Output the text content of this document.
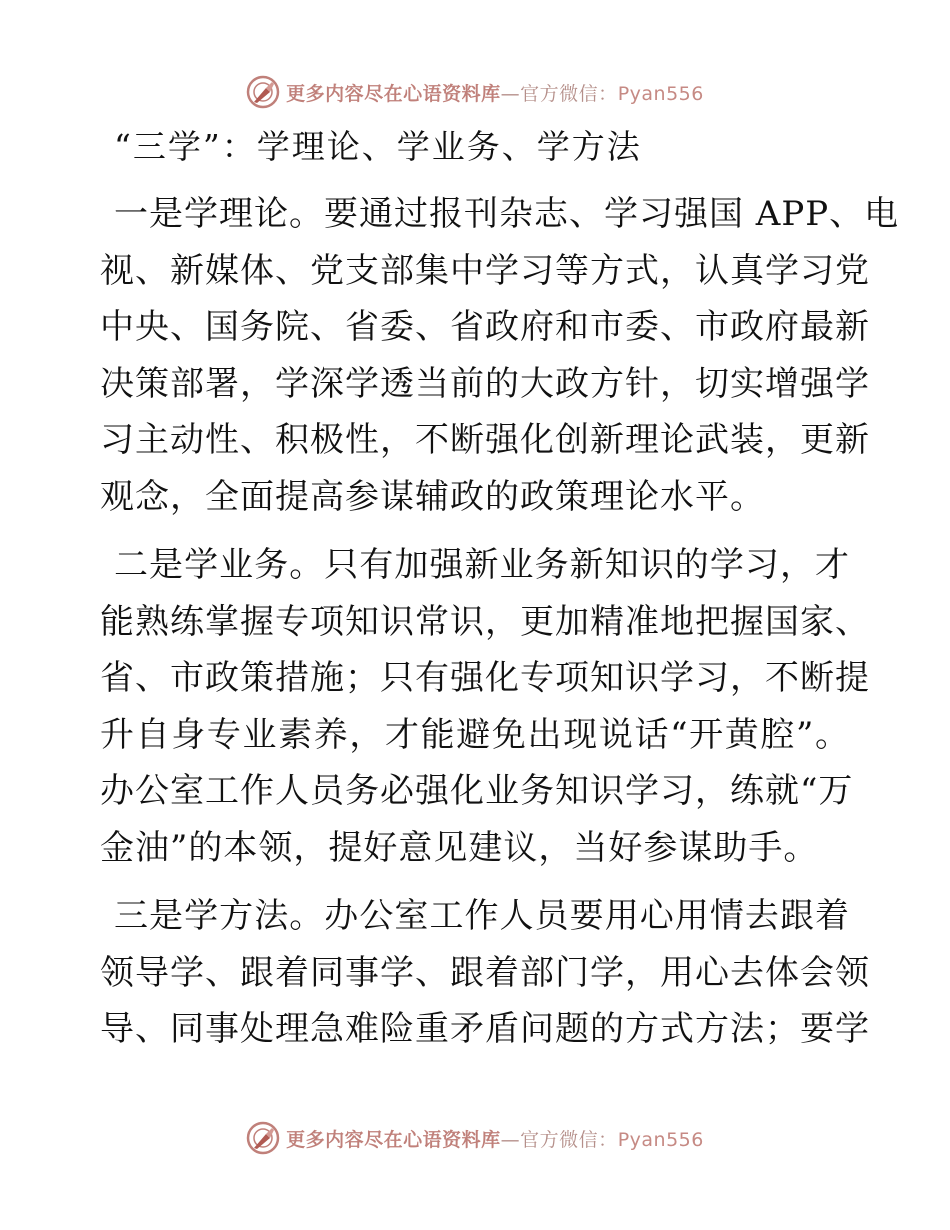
更多内容尽在心语资料库—官方微信：Pyan556
“三学”：学理论、学业务、学方法
一是学理论。要通过报刊杂志、学习强国 APP、电
视、新媒体、党支部集中学习等方式，认真学习党
中央、国务院、省委、省政府和市委、市政府最新
决策部署，学深学透当前的大政方针，切实增强学
习主动性、积极性，不断强化创新理论武装，更新
观念，全面提高参谋辅政的政策理论水平。
二是学业务。只有加强新业务新知识的学习，才
能熟练掌握专项知识常识，更加精准地把握国家、
省、市政策措施；只有强化专项知识学习，不断提
升自身专业素养，才能避免出现说话“开黄腔”。
办公室工作人员务必强化业务知识学习，练就“万
金油”的本领，提好意见建议，当好参谋助手。
三是学方法。办公室工作人员要用心用情去跟着
领导学、跟着同事学、跟着部门学，用心去体会领
导、同事处理急难险重矛盾问题的方式方法；要学
更多内容尽在心语资料库—官方微信：Pyan556
